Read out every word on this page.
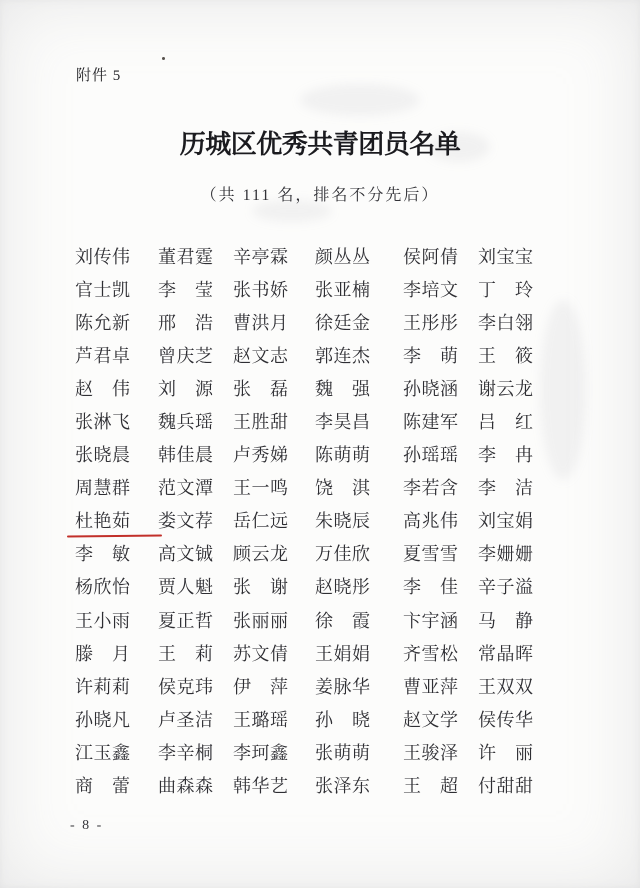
附件 5
历城区优秀共青团员名单
（共 111 名，排名不分先后）
刘传伟 董君霆 辛亭霖 颜丛丛 侯阿倩 刘宝宝
官士凯 李　莹 张书娇 张亚楠 李培文 丁　玲
陈允新 邢　浩 曹洪月 徐廷金 王彤彤 李白翎
芦君卓 曾庆芝 赵文志 郭连杰 李　萌 王　筱
赵　伟 刘　源 张　磊 魏　强 孙晓涵 谢云龙
张淋飞 魏兵瑶 王胜甜 李昊昌 陈建军 吕　红
张晓晨 韩佳晨 卢秀娣 陈萌萌 孙瑶瑶 李　冉
周慧群 范文潭 王一鸣 饶　淇 李若含 李　洁
杜艳茹 娄文荐 岳仁远 朱晓辰 高兆伟 刘宝娟
李　敏 高文铖 顾云龙 万佳欣 夏雪雪 李姗姗
杨欣怡 贾人魁 张　谢 赵晓彤 李　佳 辛子溢
王小雨 夏正哲 张丽丽 徐　霞 卞宇涵 马　静
滕　月 王　莉 苏文倩 王娟娟 齐雪松 常晶晖
许莉莉 侯克玮 伊　萍 姜脉华 曹亚萍 王双双
孙晓凡 卢圣洁 王璐瑶 孙　晓 赵文学 侯传华
江玉鑫 李辛桐 李珂鑫 张萌萌 王骏泽 许　丽
商　蕾 曲森森 韩华艺 张泽东 王　超 付甜甜
- 8 -
